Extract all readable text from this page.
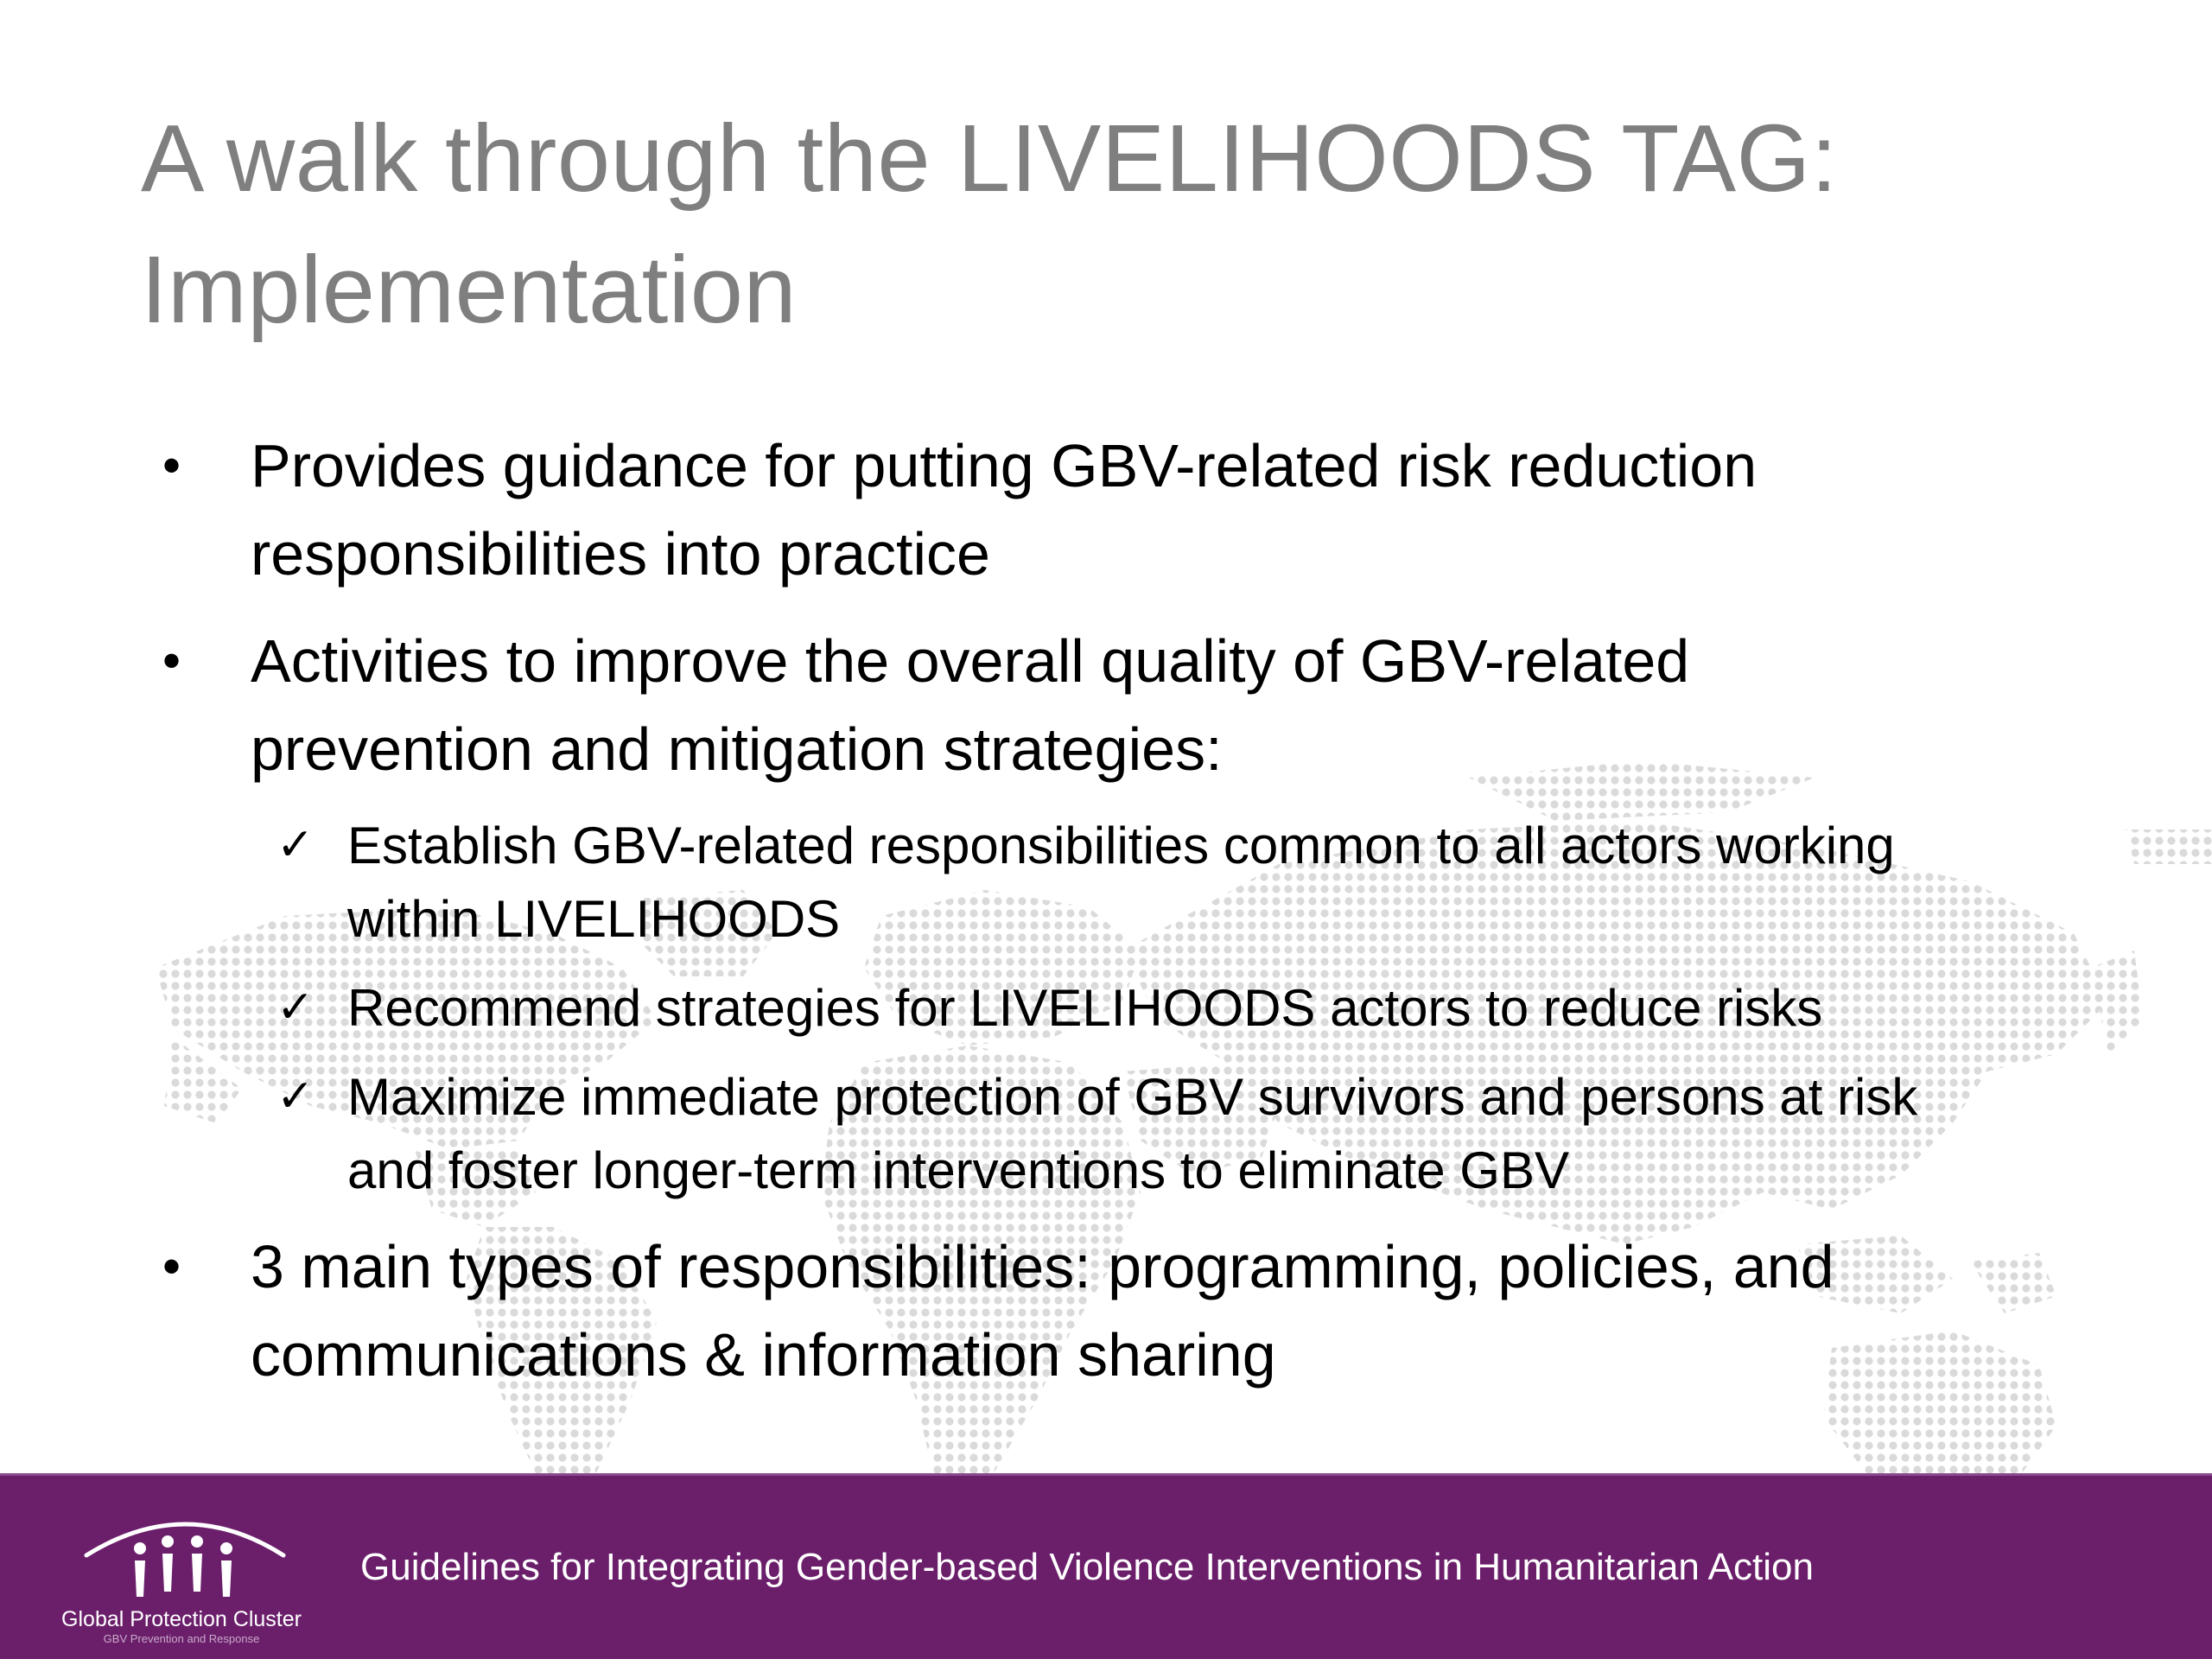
A walk through the LIVELIHOODS TAG:
Implementation
• Provides guidance for putting GBV-related risk reduction
responsibilities into practice
• Activities to improve the overall quality of GBV-related
prevention and mitigation strategies:
✓ Establish GBV-related responsibilities common to all actors working
within LIVELIHOODS
✓ Recommend strategies for LIVELIHOODS actors to reduce risks
✓ Maximize immediate protection of GBV survivors and persons at risk
and foster longer-term interventions to eliminate GBV
• 3 main types of responsibilities: programming, policies, and
communications & information sharing
Global Protection Cluster
GBV Prevention and Response
Guidelines for Integrating Gender-based Violence Interventions in Humanitarian Action
